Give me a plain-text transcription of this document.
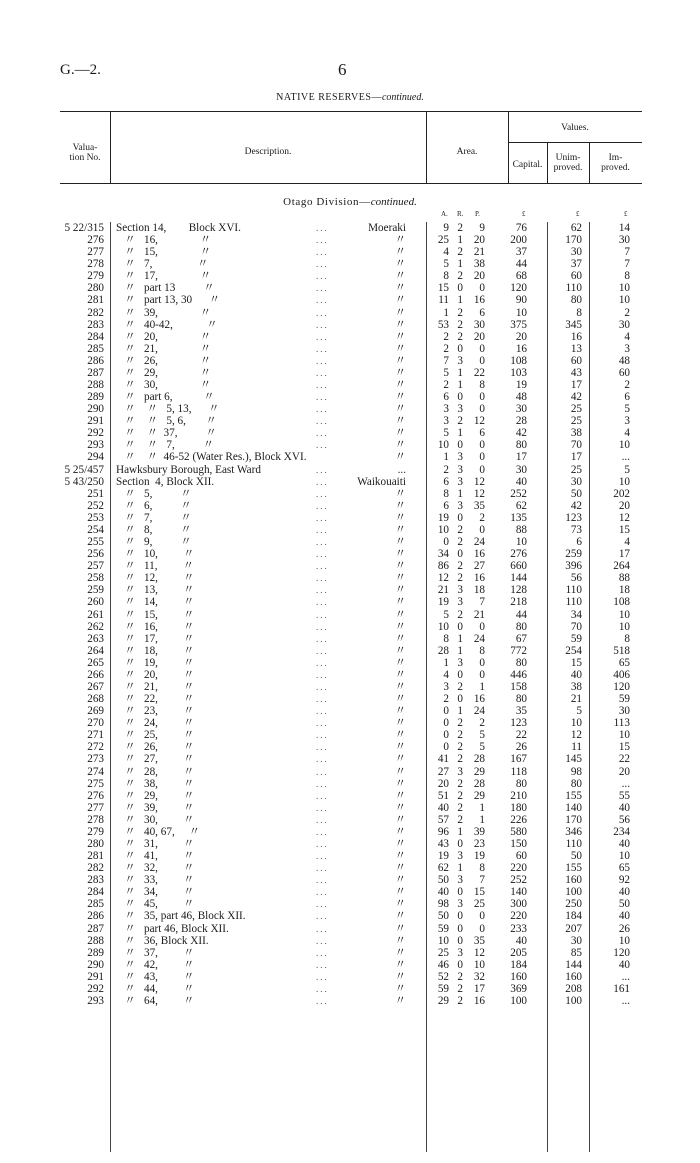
G.—2.	6
NATIVE RESERVES—continued.
Valua-
tion No.
Description.	Area.
Values.
Capital.
Unim-
proved.
Im-
proved.
Otago Division—continued.
A. R. P.	£	£	£
5 22/315 Section 14,        Block XVI.	...	Moeraki	9 2	9	76	62	14
276 〃   16,               〃	...	〃	25 1 20	200	170	30
277 〃   15,               〃	...	〃	4 2 21	37	30	7
278 〃   7,                〃	...	〃	5 1 38	44	37	7
279 〃   17,               〃	...	〃	8 2 20	68	60	8
280 〃   part 13          〃	...	〃	15 0	0	120	110	10
281 〃   part 13, 30      〃	...	〃	11 1 16	90	80	10
282 〃   39,               〃	...	〃	1 2	6	10	8	2
283 〃   40-42,            〃	...	〃	53 2 30	375	345	30
284 〃   20,               〃	...	〃	2 2 20	20	16	4
285 〃   21,               〃	...	〃	2 0	0	16	13	3
286 〃   26,               〃	...	〃	7 3	0	108	60	48
287 〃   29,               〃	...	〃	5 1 22	103	43	60
288 〃   30,               〃	...	〃	2 1	8	19	17	2
289 〃   part 6,           〃	...	〃	6 0	0	48	42	6
290 〃    〃   5, 13,      〃	...	〃	3 3	0	30	25	5
291 〃    〃   5, 6,       〃	...	〃	3 2 12	28	25	3
292 〃    〃  37,          〃	...	〃	5 1	6	42	38	4
293 〃    〃   7,          〃	...	〃	10 0	0	80	70	10
294 〃    〃  46-52 (Water Res.), Block XVI.	〃	1 3	0	17	17	...
5 25/457 Hawksbury Borough, East Ward	...	...	2 3	0	30	25	5
5 43/250 Section  4, Block XII.	...	Waikouaiti	6 3 12	40	30	10
251 〃   5,          〃	...	〃	8 1 12	252	50	202
252 〃   6,          〃	...	〃	6 3 35	62	42	20
253 〃   7,          〃	...	〃	19 0	2	135	123	12
254 〃   8,          〃	...	〃	10 2	0	88	73	15
255 〃   9,          〃	...	〃	0 2 24	10	6	4
256 〃   10,         〃	...	〃	34 0 16	276	259	17
257 〃   11,         〃	...	〃	86 2 27	660	396	264
258 〃   12,         〃	...	〃	12 2 16	144	56	88
259 〃   13,         〃	...	〃	21 3 18	128	110	18
260 〃   14,         〃	...	〃	19 3	7	218	110	108
261 〃   15,         〃	...	〃	5 2 21	44	34	10
262 〃   16,         〃	...	〃	10 0	0	80	70	10
263 〃   17,         〃	...	〃	8 1 24	67	59	8
264 〃   18,         〃	...	〃	28 1	8	772	254	518
265 〃   19,         〃	...	〃	1 3	0	80	15	65
266 〃   20,         〃	...	〃	4 0	0	446	40	406
267 〃   21,         〃	...	〃	3 2	1	158	38	120
268 〃   22,         〃	...	〃	2 0 16	80	21	59
269 〃   23,         〃	...	〃	0 1 24	35	5	30
270 〃   24,         〃	...	〃	0 2	2	123	10	113
271 〃   25,         〃	...	〃	0 2	5	22	12	10
272 〃   26,         〃	...	〃	0 2	5	26	11	15
273 〃   27,         〃	...	〃	41 2 28	167	145	22
274 〃   28,         〃	...	〃	27 3 29	118	98	20
275 〃   38,         〃	...	〃	20 2 28	80	80	...
276 〃   29,         〃	...	〃	51 2 29	210	155	55
277 〃   39,         〃	...	〃	40 2	1	180	140	40
278 〃   30,         〃	...	〃	57 2	1	226	170	56
279 〃   40, 67,     〃	...	〃	96 1 39	580	346	234
280 〃   31,         〃	...	〃	43 0 23	150	110	40
281 〃   41,         〃	...	〃	19 3 19	60	50	10
282 〃   32,         〃	...	〃	62 1	8	220	155	65
283 〃   33,         〃	...	〃	50 3	7	252	160	92
284 〃   34,         〃	...	〃	40 0 15	140	100	40
285 〃   45,         〃	...	〃	98 3 25	300	250	50
286 〃   35, part 46, Block XII.	...	〃	50 0	0	220	184	40
287 〃   part 46, Block XII.	...	〃	59 0	0	233	207	26
288 〃   36, Block XII.	...	〃	10 0 35	40	30	10
289 〃   37,         〃	...	〃	25 3 12	205	85	120
290 〃   42,         〃	...	〃	46 0 10	184	144	40
291 〃   43,         〃	...	〃	52 2 32	160	160	...
292 〃   44,         〃	...	〃	59 2 17	369	208	161
293 〃   64,         〃	...	〃	29 2 16	100	100	...
